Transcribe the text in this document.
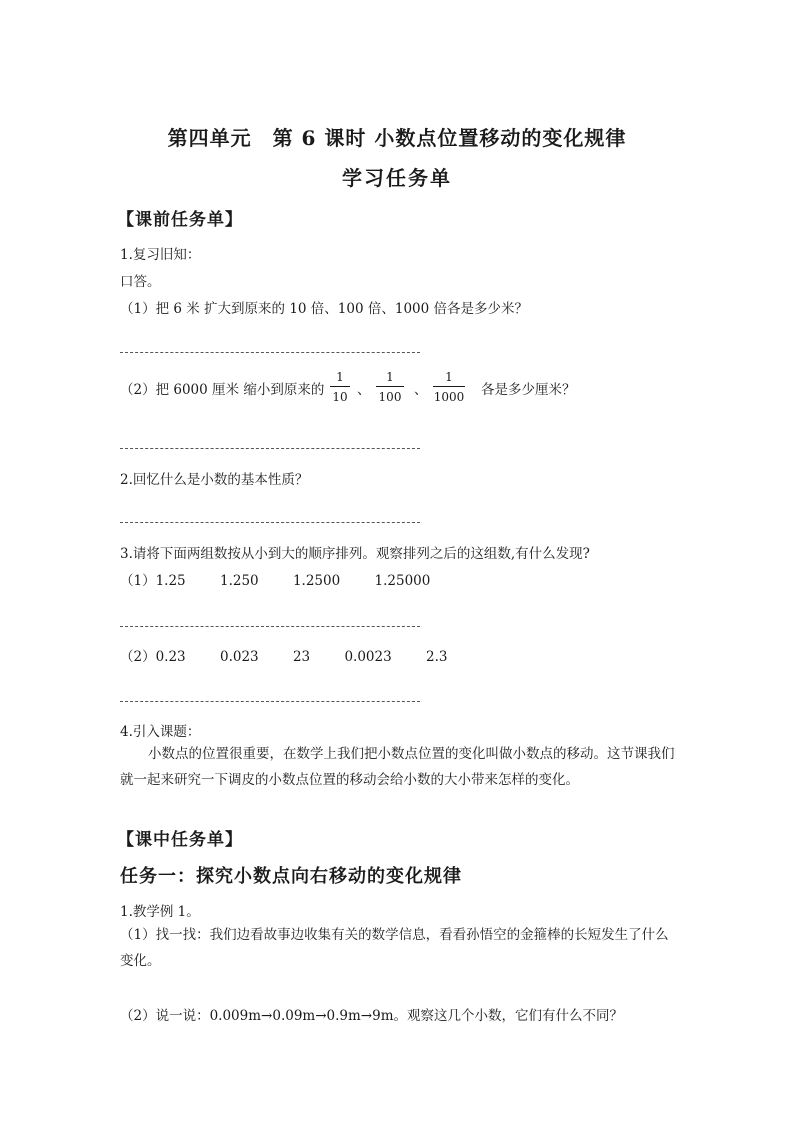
第四单元　第 6 课时 小数点位置移动的变化规律
学习任务单
【课前任务单】
1.复习旧知：
口答。
（1）把 6 米 扩大到原来的 10 倍、100 倍、1000 倍各是多少米？
（2）把 6000 厘米 缩小到原来的
1
10 、
1
100 、
1
1000 各是多少厘米？
2.回忆什么是小数的基本性质？
3.请将下面两组数按从小到大的顺序排列。观察排列之后的这组数,有什么发现?
（1）1.25        1.250        1.2500        1.25000
（2）0.23        0.023        23        0.0023        2.3
4.引入课题：
小数点的位置很重要，在数学上我们把小数点位置的变化叫做小数点的移动。这节课我们就一起来研究一下调皮的小数点位置的移动会给小数的大小带来怎样的变化。
【课中任务单】
任务一：探究小数点向右移动的变化规律
1.教学例 1。
（1）找一找：我们边看故事边收集有关的数学信息，看看孙悟空的金箍棒的长短发生了什么变化。
（2）说一说：0.009m→0.09m→0.9m→9m。观察这几个小数，它们有什么不同？
